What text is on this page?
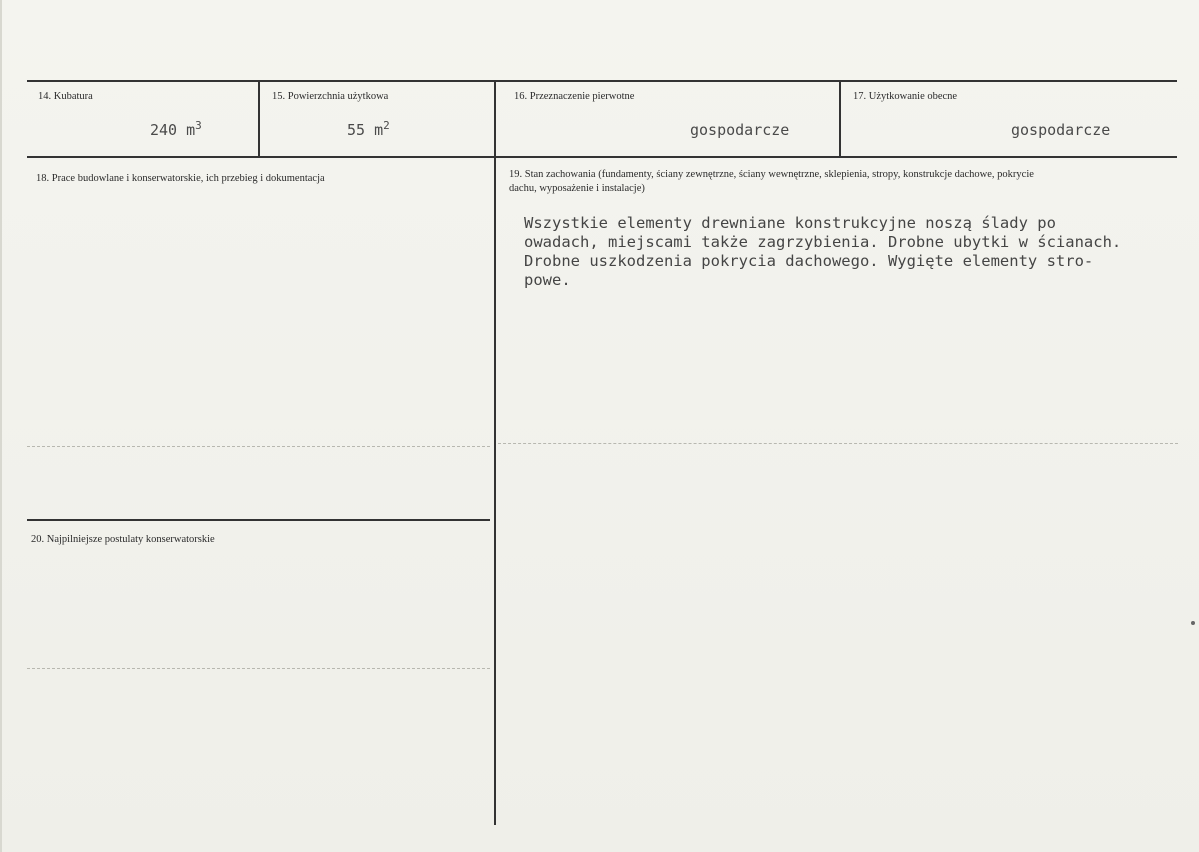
14. Kubatura
240 $m^3$
15. Powierzchnia użytkowa
55 $m^2$
16. Przeznaczenie pierwotne
gospodarcze
17. Użytkowanie obecne
gospodarcze
18. Prace budowlane i konserwatorskie, ich przebieg i dokumentacja	19. Stan zachowania (fundamenty, ściany zewnętrzne, ściany wewnętrzne, sklepienia, stropy, konstrukcje dachowe, pokrycie dachu, wyposażenie i instalacje)
Wszystkie elementy drewniane konstrukcyjne noszą ślady po
owadach, miejscami także zagrzybienia. Drobne ubytki w ścianach.
Drobne uszkodzenia pokrycia dachowego. Wygięte elementy stro-
powe.
20. Najpilniejsze postulaty konserwatorskie
